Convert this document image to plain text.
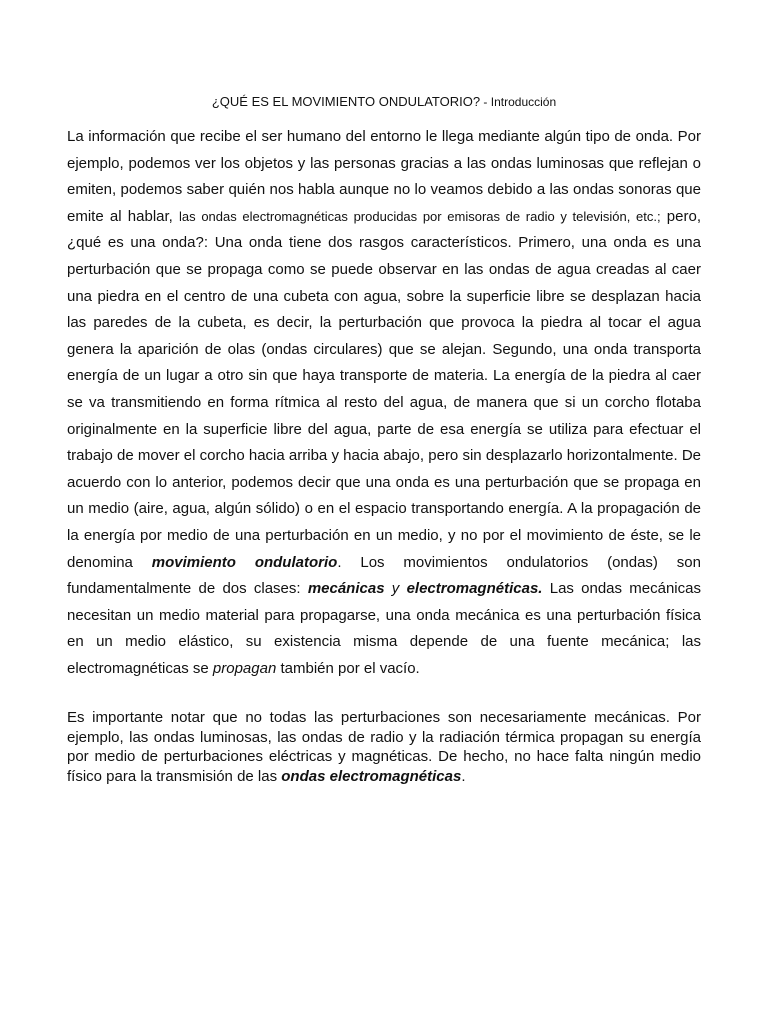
¿QUÉ ES EL MOVIMIENTO ONDULATORIO? - Introducción

La información que recibe el ser humano del entorno le llega mediante algún tipo de onda. Por ejemplo, podemos ver los objetos y las personas gracias a las ondas luminosas que reflejan o emiten, podemos saber quién nos habla aunque no lo veamos debido a las ondas sonoras que emite al hablar, las ondas electromagnéticas producidas por emisoras de radio y televisión, etc.; pero, ¿qué es una onda?: Una onda tiene dos rasgos característicos. Primero, una onda es una perturbación que se propaga como se puede observar en las ondas de agua creadas al caer una piedra en el centro de una cubeta con agua, sobre la superficie libre se desplazan hacia las paredes de la cubeta, es decir, la perturbación que provoca la piedra al tocar el agua genera la aparición de olas (ondas circulares) que se alejan. Segundo, una onda transporta energía de un lugar a otro sin que haya transporte de materia. La energía de la piedra al caer se va transmitiendo en forma rítmica al resto del agua, de manera que si un corcho flotaba originalmente en la superficie libre del agua, parte de esa energía se utiliza para efectuar el trabajo de mover el corcho hacia arriba y hacia abajo, pero sin desplazarlo horizontalmente. De acuerdo con lo anterior, podemos decir que una onda es una perturbación que se propaga en un medio (aire, agua, algún sólido) o en el espacio transportando energía. A la propagación de la energía por medio de una perturbación en un medio, y no por el movimiento de éste, se le denomina movimiento ondulatorio. Los movimientos ondulatorios (ondas) son fundamentalmente de dos clases: mecánicas y electromagnéticas. Las ondas mecánicas necesitan un medio material para propagarse, una onda mecánica es una perturbación física en un medio elástico, su existencia misma depende de una fuente mecánica; las electromagnéticas se propagan también por el vacío.

Es importante notar que no todas las perturbaciones son necesariamente mecánicas. Por ejemplo, las ondas luminosas, las ondas de radio y la radiación térmica propagan su energía por medio de perturbaciones eléctricas y magnéticas. De hecho, no hace falta ningún medio físico para la transmisión de las ondas electromagnéticas.
